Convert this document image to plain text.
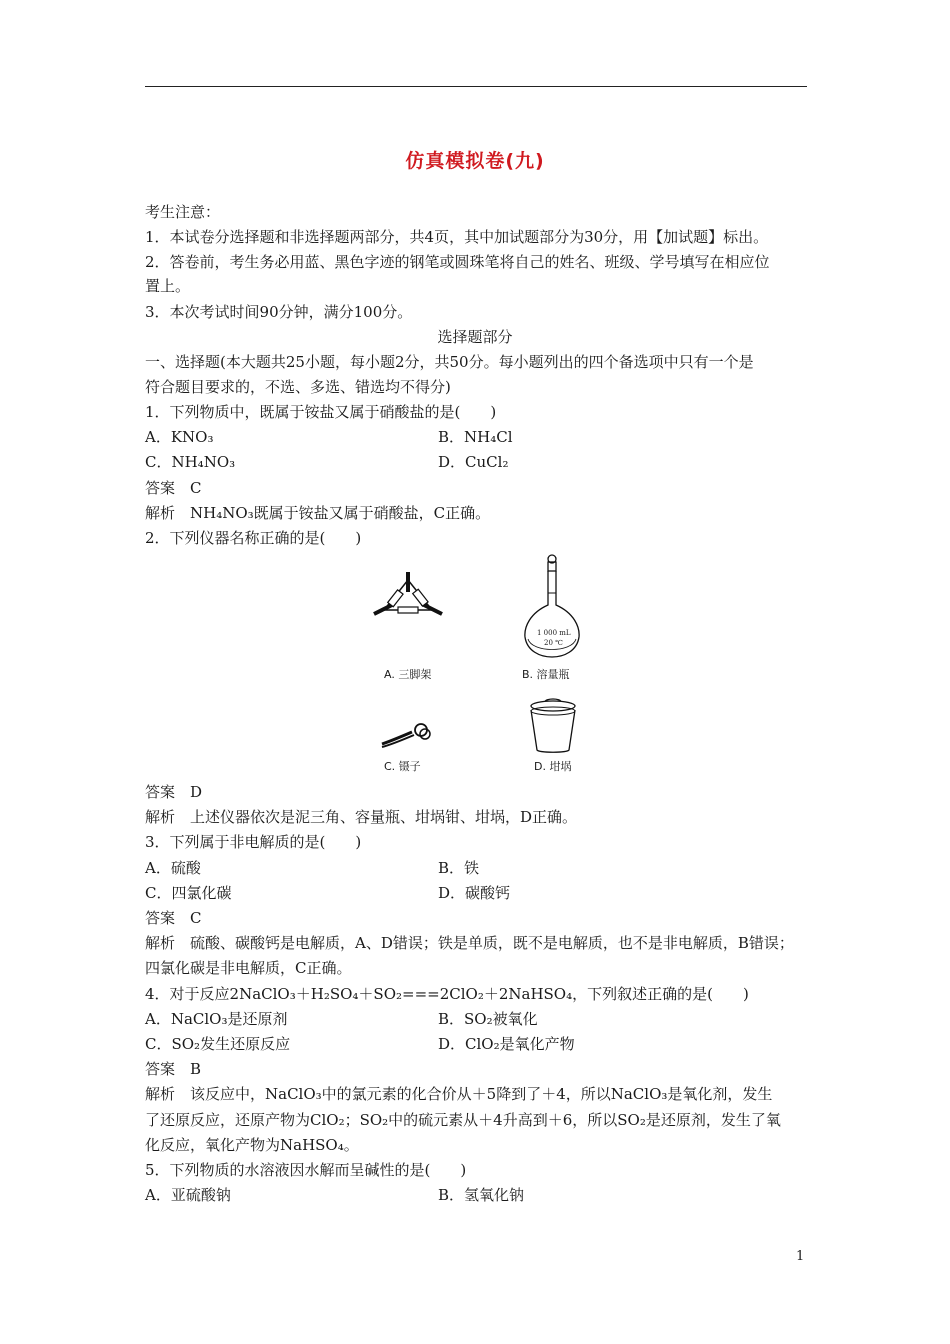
仿真模拟卷(九)
考生注意：
1．本试卷分选择题和非选择题两部分，共4页，其中加试题部分为30分，用【加试题】标出。
2．答卷前，考生务必用蓝、黑色字迹的钢笔或圆珠笔将自己的姓名、班级、学号填写在相应位
置上。
3．本次考试时间90分钟，满分100分。
选择题部分
一、选择题(本大题共25小题，每小题2分，共50分。每小题列出的四个备选项中只有一个是
符合题目要求的，不选、多选、错选均不得分)
1．下列物质中，既属于铵盐又属于硝酸盐的是(　　)
A．KNO₃	B．NH₄Cl
C．NH₄NO₃	D．CuCl₂
答案　C
解析　NH₄NO₃既属于铵盐又属于硝酸盐，C正确。
2．下列仪器名称正确的是(　　)
A. 三脚架
1 000 mL
20 ℃
B. 溶量瓶
C. 镊子	D. 坩埚
答案　D
解析　上述仪器依次是泥三角、容量瓶、坩埚钳、坩埚，D正确。
3．下列属于非电解质的是(　　)
A．硫酸	B．铁
C．四氯化碳	D．碳酸钙
答案　C
解析　硫酸、碳酸钙是电解质，A、D错误；铁是单质，既不是电解质，也不是非电解质，B错误；
四氯化碳是非电解质，C正确。
4．对于反应2NaClO₃＋H₂SO₄＋SO₂===2ClO₂＋2NaHSO₄，下列叙述正确的是(　　)
A．NaClO₃是还原剂	B．SO₂被氧化
C．SO₂发生还原反应	D．ClO₂是氧化产物
答案　B
解析　该反应中，NaClO₃中的氯元素的化合价从＋5降到了＋4，所以NaClO₃是氧化剂，发生
了还原反应，还原产物为ClO₂；SO₂中的硫元素从＋4升高到＋6，所以SO₂是还原剂，发生了氧
化反应，氧化产物为NaHSO₄。
5．下列物质的水溶液因水解而呈碱性的是(　　)
A．亚硫酸钠	B．氢氧化钠
1
